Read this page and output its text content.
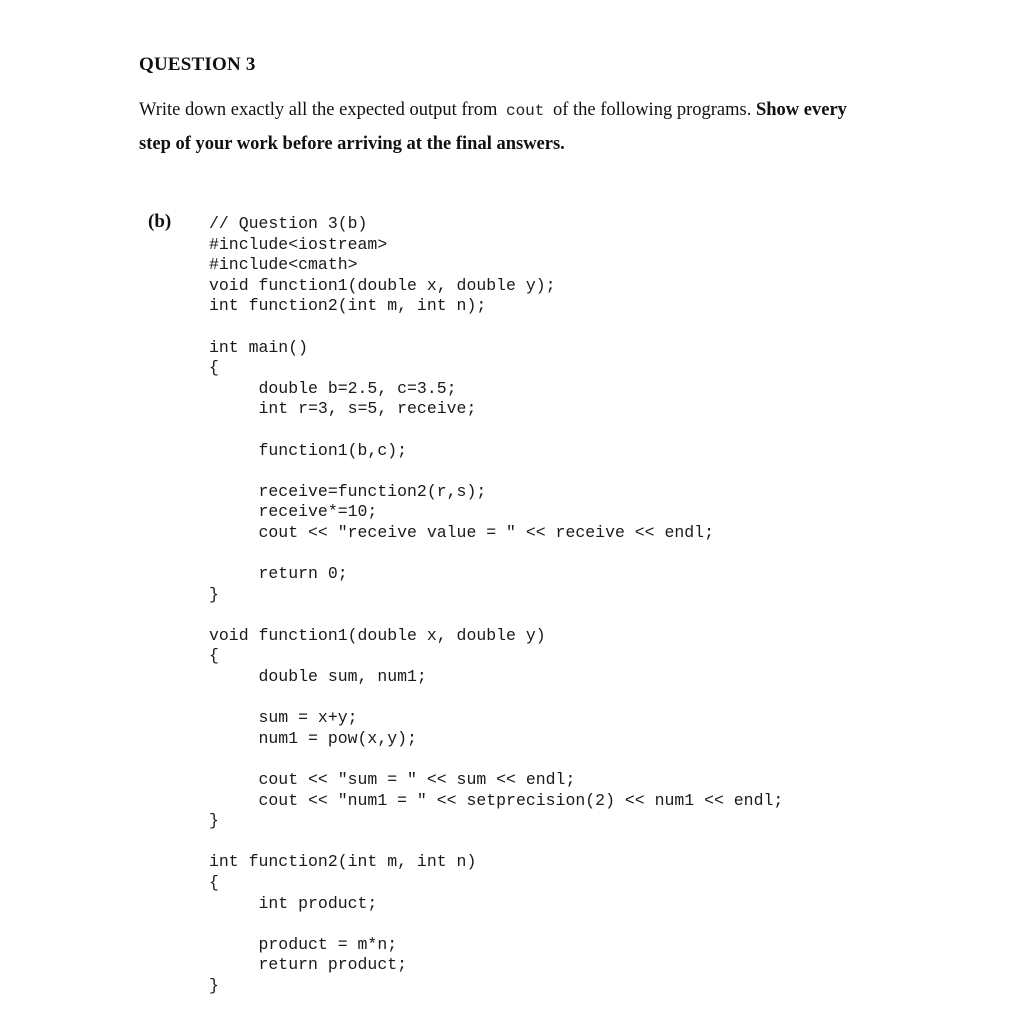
QUESTION 3
Write down exactly all the expected output from cout of the following programs. Show every step of your work before arriving at the final answers.
(b) // Question 3(b)
#include<iostream>
#include<cmath>
void function1(double x, double y);
int function2(int m, int n);
int main()
{
double b=2.5, c=3.5;
int r=3, s=5, receive;
function1(b,c);
receive=function2(r,s);
receive*=10;
cout << "receive value = " << receive << endl;
return 0;
}
void function1(double x, double y)
{
double sum, num1;
sum = x+y;
num1 = pow(x,y);
cout << "sum = " << sum << endl;
cout << "num1 = " << setprecision(2) << num1 << endl;
}
int function2(int m, int n)
{
int product;
product = m*n;
return product;
}
